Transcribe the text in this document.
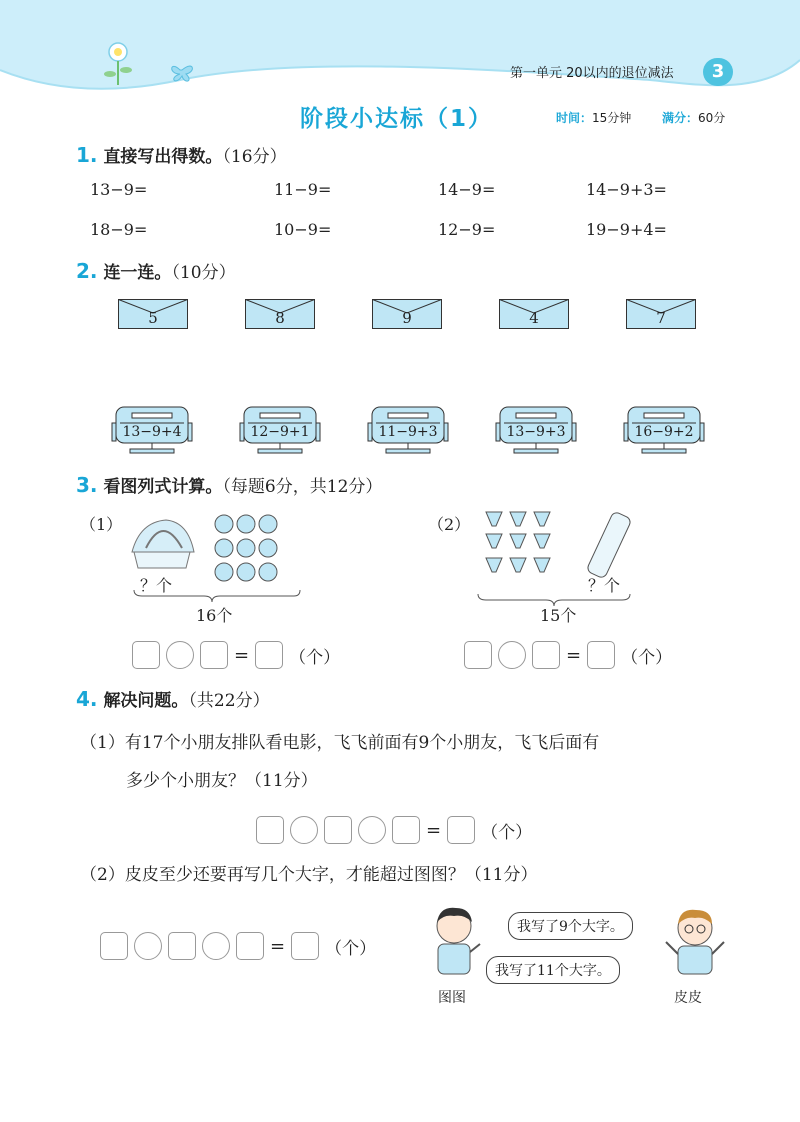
第一单元 20以内的退位减法	3
阶段小达标（1）	时间：15分钟	满分：60分
1. 直接写出得数。（16分）
13−9=	11−9=	14−9=	14−9+3=
18−9=	10−9=	12−9=	19−9+4=
2. 连一连。（10分）
5	8	9	4	7
13−9+4	12−9+1	11−9+3	13−9+3	16−9+2
3. 看图列式计算。（每题6分，共12分）
（1）
？个
16个
= （个）
（2）
？个
15个
= （个）
4. 解决问题。（共22分）
（1）有17个小朋友排队看电影，飞飞前面有9个小朋友，飞飞后面有
多少个小朋友？（11分）
= （个）
（2）皮皮至少还要再写几个大字，才能超过图图？（11分）
= （个）
图图	皮皮
我写了9个大字。
我写了11个大字。
